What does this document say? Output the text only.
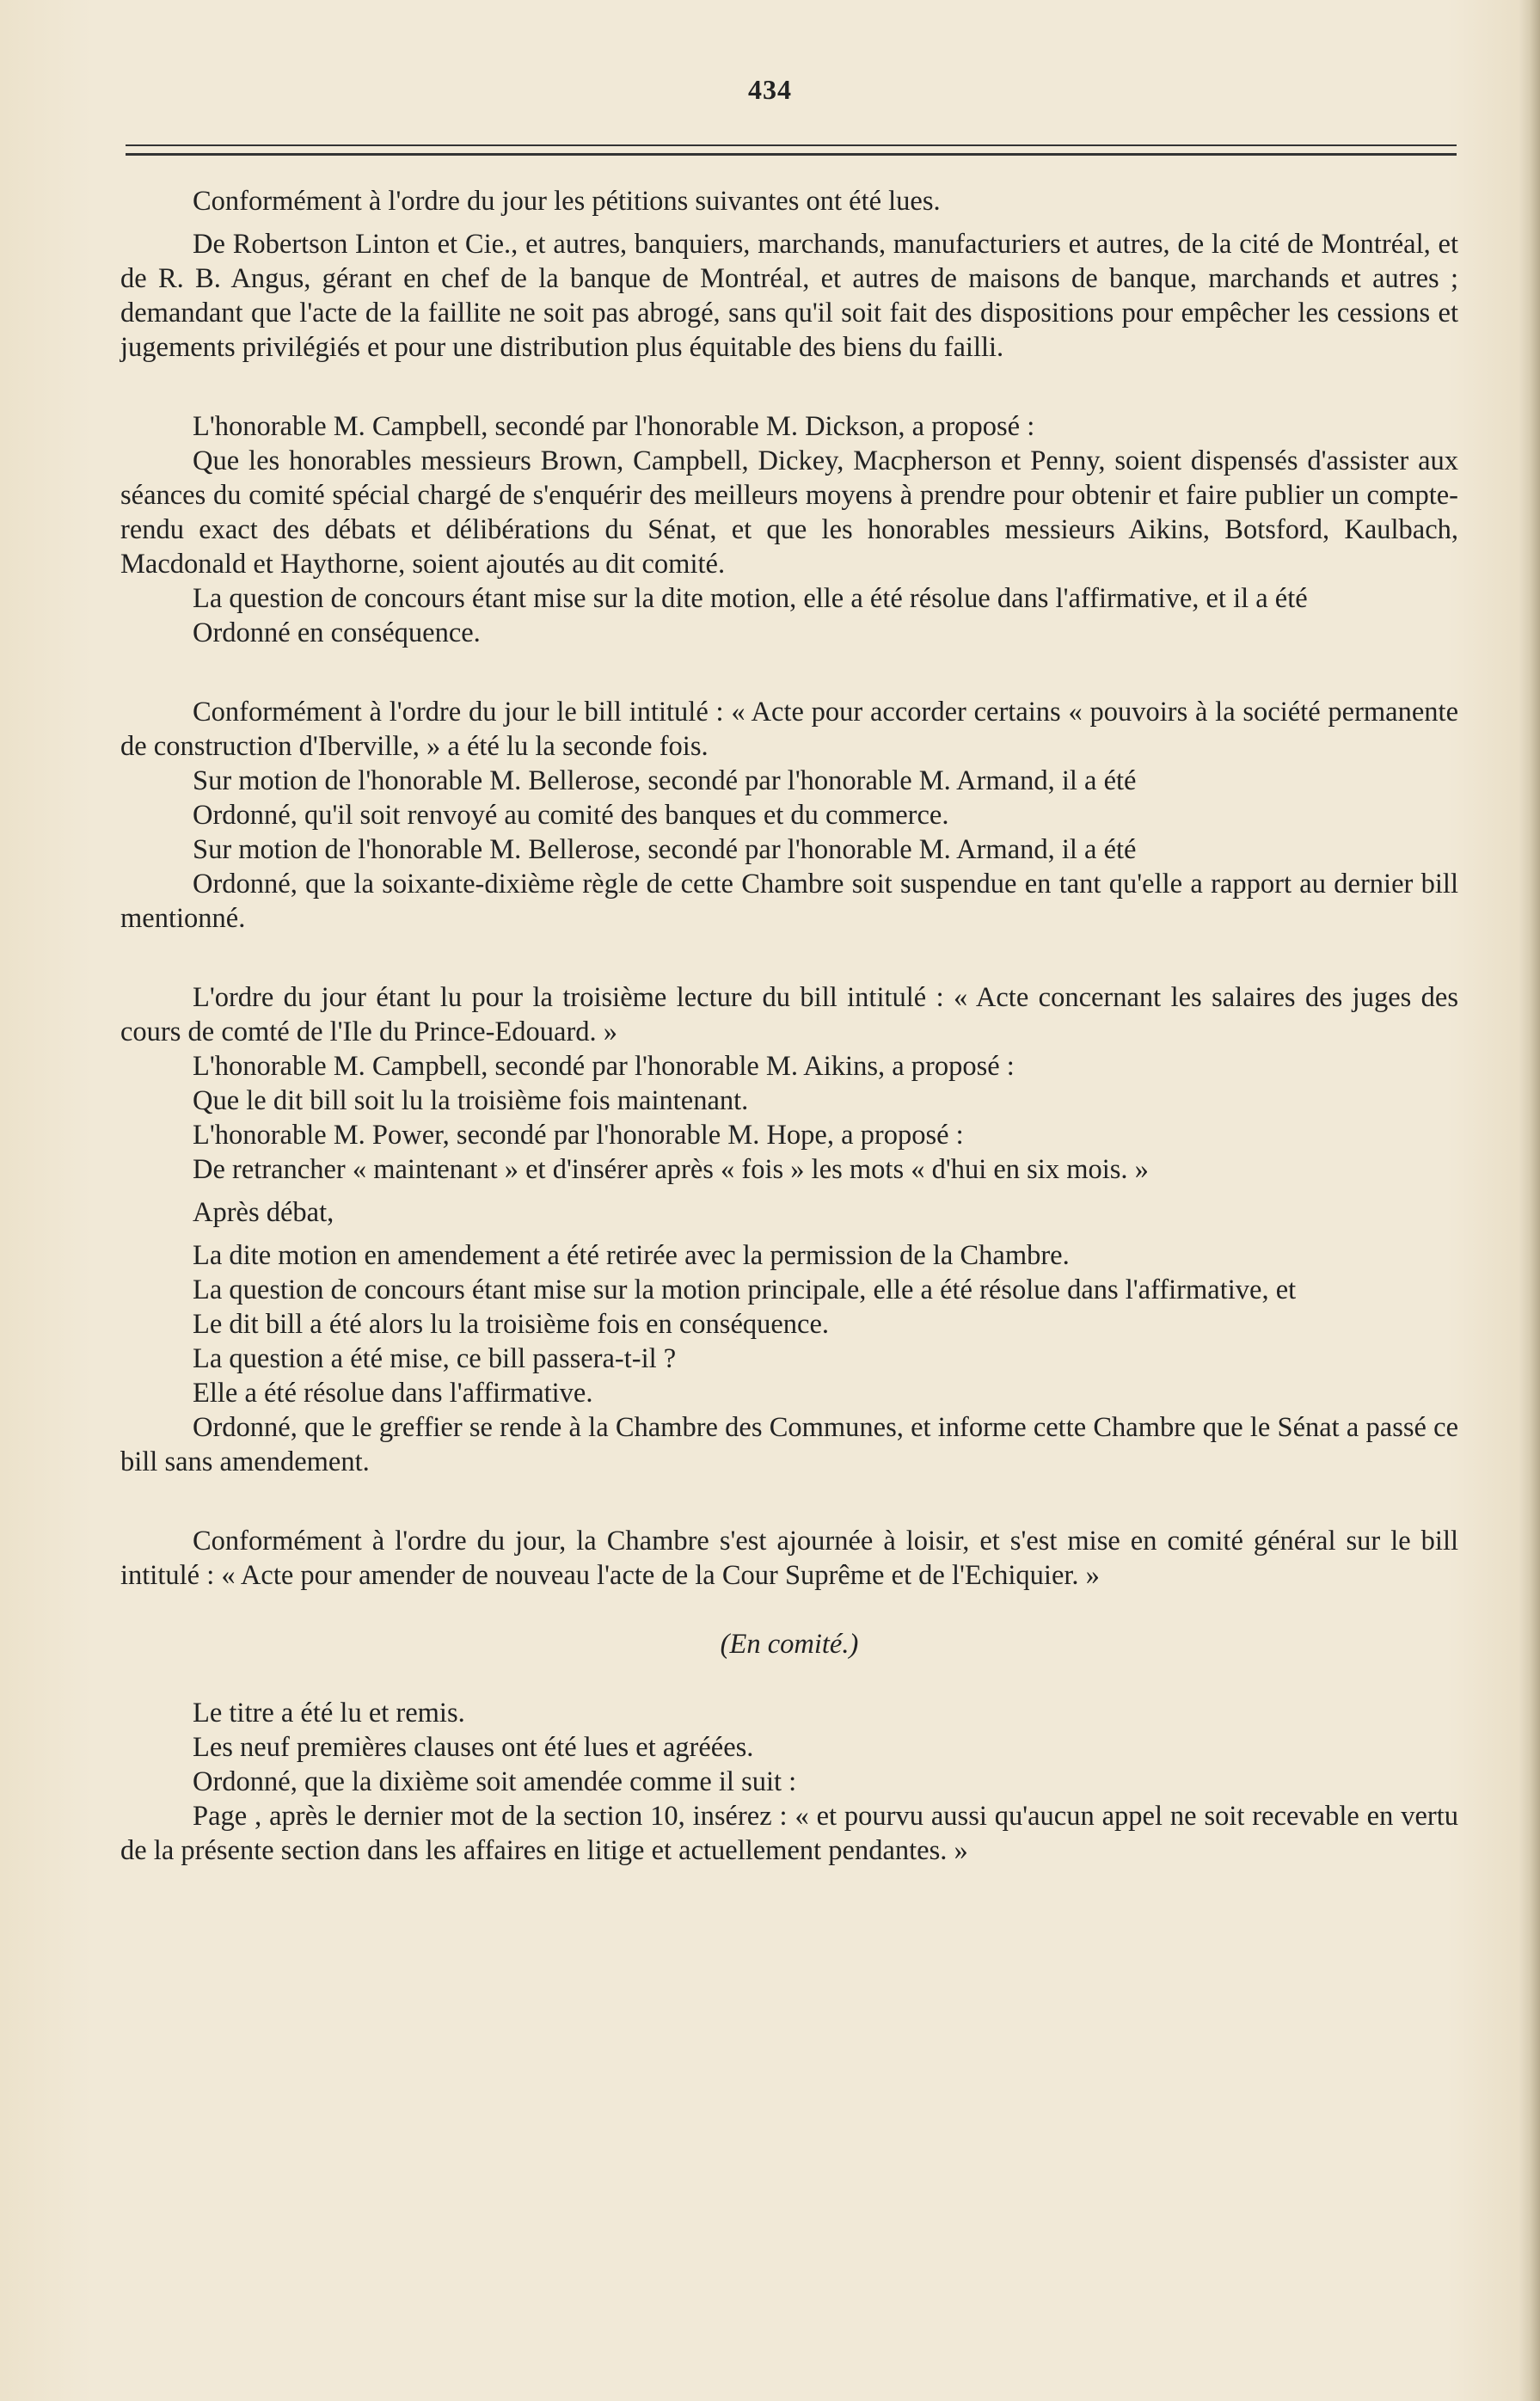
434

Conformément à l'ordre du jour les pétitions suivantes ont été lues.

De Robertson Linton et Cie., et autres, banquiers, marchands, manufacturiers et autres, de la cité de Montréal, et de R. B. Angus, gérant en chef de la banque de Montréal, et autres de maisons de banque, marchands et autres ; demandant que l'acte de la faillite ne soit pas abrogé, sans qu'il soit fait des dispositions pour empêcher les cessions et jugements privilégiés et pour une distribution plus équitable des biens du failli.

L'honorable M. Campbell, secondé par l'honorable M. Dickson, a proposé :

Que les honorables messieurs Brown, Campbell, Dickey, Macpherson et Penny, soient dispensés d'assister aux séances du comité spécial chargé de s'enquérir des meilleurs moyens à prendre pour obtenir et faire publier un compte-rendu exact des débats et délibérations du Sénat, et que les honorables messieurs Aikins, Botsford, Kaulbach, Macdonald et Haythorne, soient ajoutés au dit comité.

La question de concours étant mise sur la dite motion, elle a été résolue dans l'affirmative, et il a été

Ordonné en conséquence.

Conformément à l'ordre du jour le bill intitulé : « Acte pour accorder certains « pouvoirs à la société permanente de construction d'Iberville, » a été lu la seconde fois.

Sur motion de l'honorable M. Bellerose, secondé par l'honorable M. Armand, il a été

Ordonné, qu'il soit renvoyé au comité des banques et du commerce.

Sur motion de l'honorable M. Bellerose, secondé par l'honorable M. Armand, il a été

Ordonné, que la soixante-dixième règle de cette Chambre soit suspendue en tant qu'elle a rapport au dernier bill mentionné.

L'ordre du jour étant lu pour la troisième lecture du bill intitulé : « Acte concernant les salaires des juges des cours de comté de l'Ile du Prince-Edouard. »

L'honorable M. Campbell, secondé par l'honorable M. Aikins, a proposé :

Que le dit bill soit lu la troisième fois maintenant.

L'honorable M. Power, secondé par l'honorable M. Hope, a proposé :

De retrancher « maintenant » et d'insérer après « fois » les mots « d'hui en six mois. »

Après débat,

La dite motion en amendement a été retirée avec la permission de la Chambre.

La question de concours étant mise sur la motion principale, elle a été résolue dans l'affirmative, et

Le dit bill a été alors lu la troisième fois en conséquence.

La question a été mise, ce bill passera-t-il ?

Elle a été résolue dans l'affirmative.

Ordonné, que le greffier se rende à la Chambre des Communes, et informe cette Chambre que le Sénat a passé ce bill sans amendement.

Conformément à l'ordre du jour, la Chambre s'est ajournée à loisir, et s'est mise en comité général sur le bill intitulé : « Acte pour amender de nouveau l'acte de la Cour Suprême et de l'Echiquier. »

(En comité.)

Le titre a été lu et remis.

Les neuf premières clauses ont été lues et agréées.

Ordonné, que la dixième soit amendée comme il suit :

Page , après le dernier mot de la section 10, insérez : « et pourvu aussi qu'aucun appel ne soit recevable en vertu de la présente section dans les affaires en litige et actuellement pendantes. »
